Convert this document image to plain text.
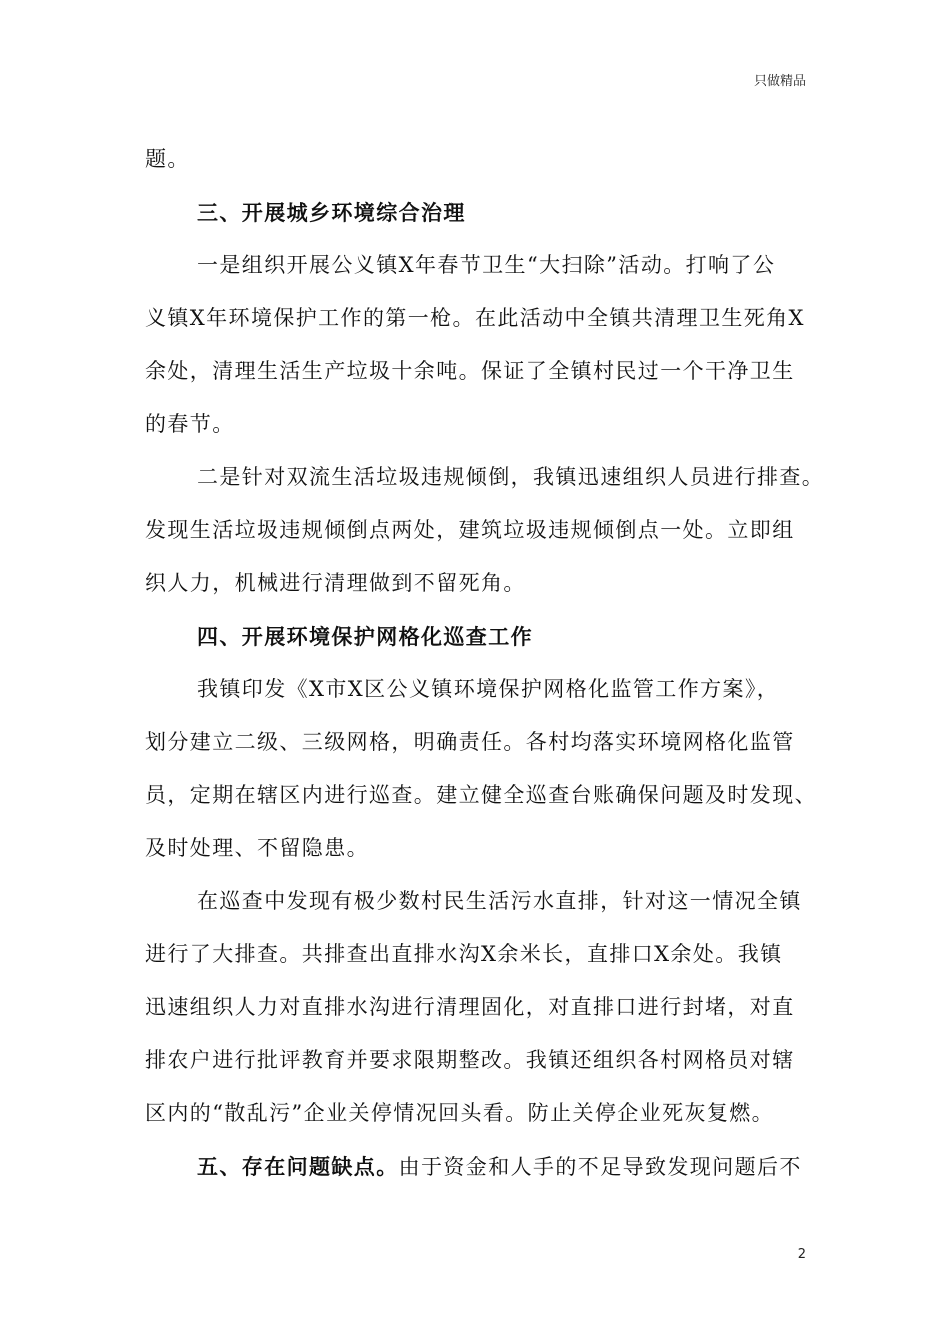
只做精品
题。
三、开展城乡环境综合治理
一是组织开展公义镇X年春节卫生“大扫除”活动。打响了公
义镇X年环境保护工作的第一枪。在此活动中全镇共清理卫生死角X
余处，清理生活生产垃圾十余吨。保证了全镇村民过一个干净卫生
的春节。
二是针对双流生活垃圾违规倾倒，我镇迅速组织人员进行排查。
发现生活垃圾违规倾倒点两处，建筑垃圾违规倾倒点一处。立即组
织人力，机械进行清理做到不留死角。
四、开展环境保护网格化巡查工作
我镇印发《X市X区公义镇环境保护网格化监管工作方案》，
划分建立二级、三级网格，明确责任。各村均落实环境网格化监管
员，定期在辖区内进行巡查。建立健全巡查台账确保问题及时发现、
及时处理、不留隐患。
在巡查中发现有极少数村民生活污水直排，针对这一情况全镇
进行了大排查。共排查出直排水沟X余米长，直排口X余处。我镇
迅速组织人力对直排水沟进行清理固化，对直排口进行封堵，对直
排农户进行批评教育并要求限期整改。我镇还组织各村网格员对辖
区内的“散乱污”企业关停情况回头看。防止关停企业死灰复燃。
五、存在问题缺点。由于资金和人手的不足导致发现问题后不
2
